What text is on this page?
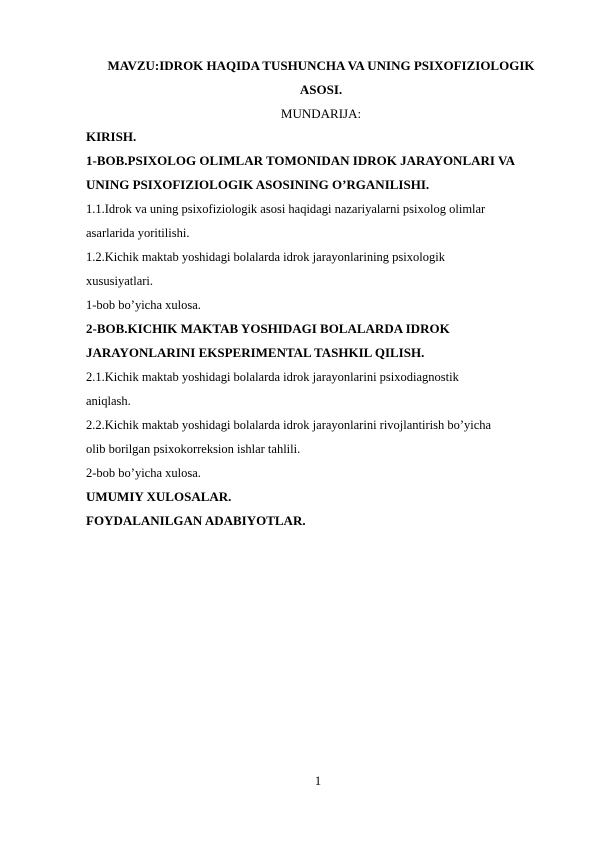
MAVZU:IDROK HAQIDA TUSHUNCHA VA UNING PSIXOFIZIOLOGIK
ASOSI.
MUNDARIJA:
KIRISH.
1-BOB.PSIXOLOG OLIMLAR TOMONIDAN IDROK JARAYONLARI VA
UNING PSIXOFIZIOLOGIK ASOSINING O’RGANILISHI.
1.1.Idrok va uning psixofiziologik asosi haqidagi nazariyalarni psixolog olimlar
asarlarida yoritilishi.
1.2.Kichik maktab yoshidagi bolalarda idrok jarayonlarining psixologik
xususiyatlari.
1-bob bo’yicha xulosa.
2-BOB.KICHIK MAKTAB YOSHIDAGI BOLALARDA IDROK
JARAYONLARINI EKSPERIMENTAL TASHKIL QILISH.
2.1.Kichik maktab yoshidagi bolalarda idrok jarayonlarini psixodiagnostik
aniqlash.
2.2.Kichik maktab yoshidagi bolalarda idrok jarayonlarini rivojlantirish bo’yicha
olib borilgan psixokorreksion ishlar tahlili.
2-bob bo’yicha xulosa.
UMUMIY XULOSALAR.
FOYDALANILGAN ADABIYOTLAR.
1
